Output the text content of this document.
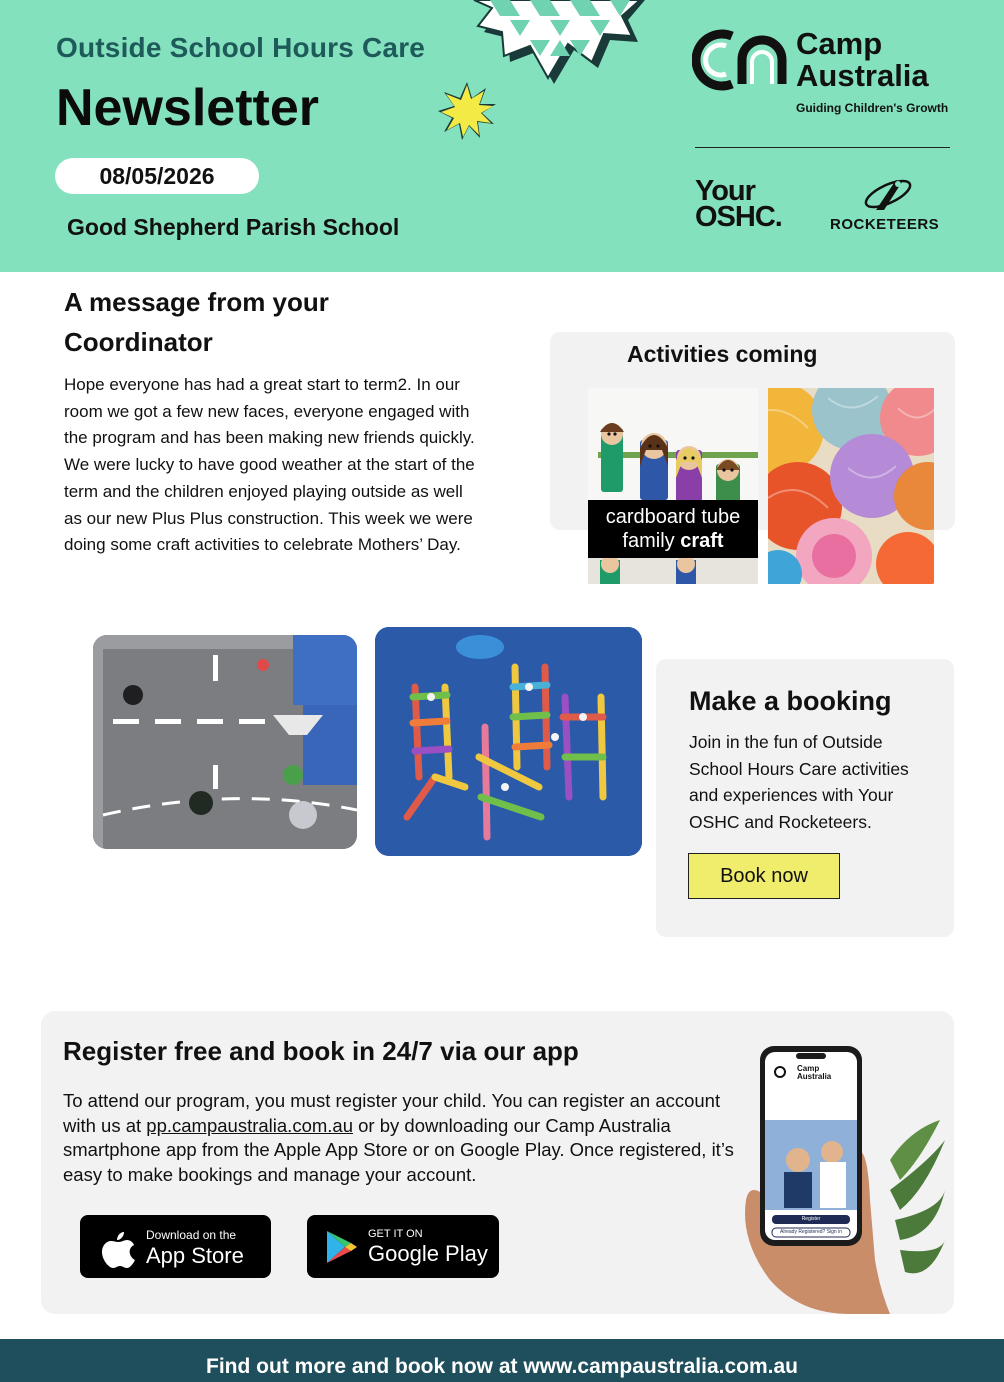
Outside School Hours Care
Newsletter
08/05/2026
Good Shepherd Parish School
Camp
Australia
Guiding Children's Growth
Your OSHC.	ROCKETEERS
A message from your Coordinator
Hope everyone has had a great start to term2. In our room we got a few new faces, everyone engaged with the program and has been making new friends quickly. We were lucky to have good weather at the start of the term and the children enjoyed playing outside as well as our new Plus Plus construction. This week we were doing some craft activities to celebrate Mothers’ Day.
Activities coming
cardboard tube
family craft
Make a booking
Join in the fun of Outside School Hours Care activities and experiences with Your OSHC and Rocketeers.
Book now
Register free and book in 24/7 via our app
To attend our program, you must register your child. You can register an account with us at pp.campaustralia.com.au or by downloading our Camp Australia smartphone app from the Apple App Store or on Google Play. Once registered, it’s easy to make bookings and manage your account.
Download on the
App Store
GET IT ON
Google Play
Camp
Australia
Register
Already Registered? Sign in
Find out more and book now at www.campaustralia.com.au
